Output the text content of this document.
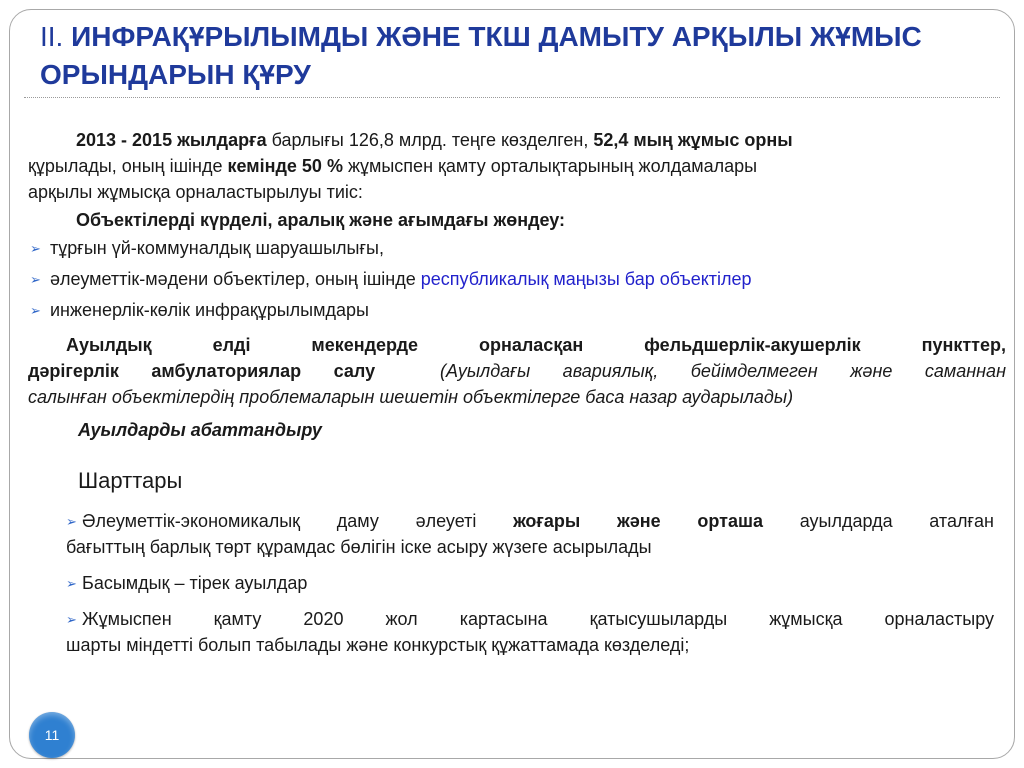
II. ИНФРАҚҰРЫЛЫМДЫ ЖӘНЕ ТКШ ДАМЫТУ АРҚЫЛЫ ЖҰМЫС ОРЫНДАРЫН ҚҰРУ
2013 - 2015 жылдарға барлығы 126,8 млрд. теңге көзделген, 52,4 мың жұмыс орны
құрылады, оның ішінде кемінде 50 % жұмыспен қамту орталықтарының жолдамалары
арқылы жұмысқа орналастырылуы тиіс:
Объектілерді күрделі, аралық және ағымдағы жөндеу:
➢ тұрғын үй-коммуналдық шаруашылығы,
➢ әлеуметтік-мәдени объектілер, оның ішінде республикалық маңызы бар объектілер
➢ инженерлік-көлік инфрақұрылымдары
Ауылдық елді мекендерде орналасқан фельдшерлік-акушерлік пункттер,
дәрігерлік амбулаториялар салу	(Ауылдағы авариялық, бейімделмеген және саманнан
салынған объектілердің проблемаларын шешетін объектілерге баса назар аударылады)
Ауылдарды абаттандыру
Шарттары
➢ Әлеуметтік-экономикалық даму әлеуеті жоғары және орташа ауылдарда аталған
бағыттың барлық төрт құрамдас бөлігін іске асыру жүзеге асырылады
➢ Басымдық – тірек ауылдар
➢ Жұмыспен қамту 2020 жол картасына қатысушыларды жұмысқа орналастыру
шарты міндетті болып табылады және конкурстық құжаттамада көзделеді;
11
